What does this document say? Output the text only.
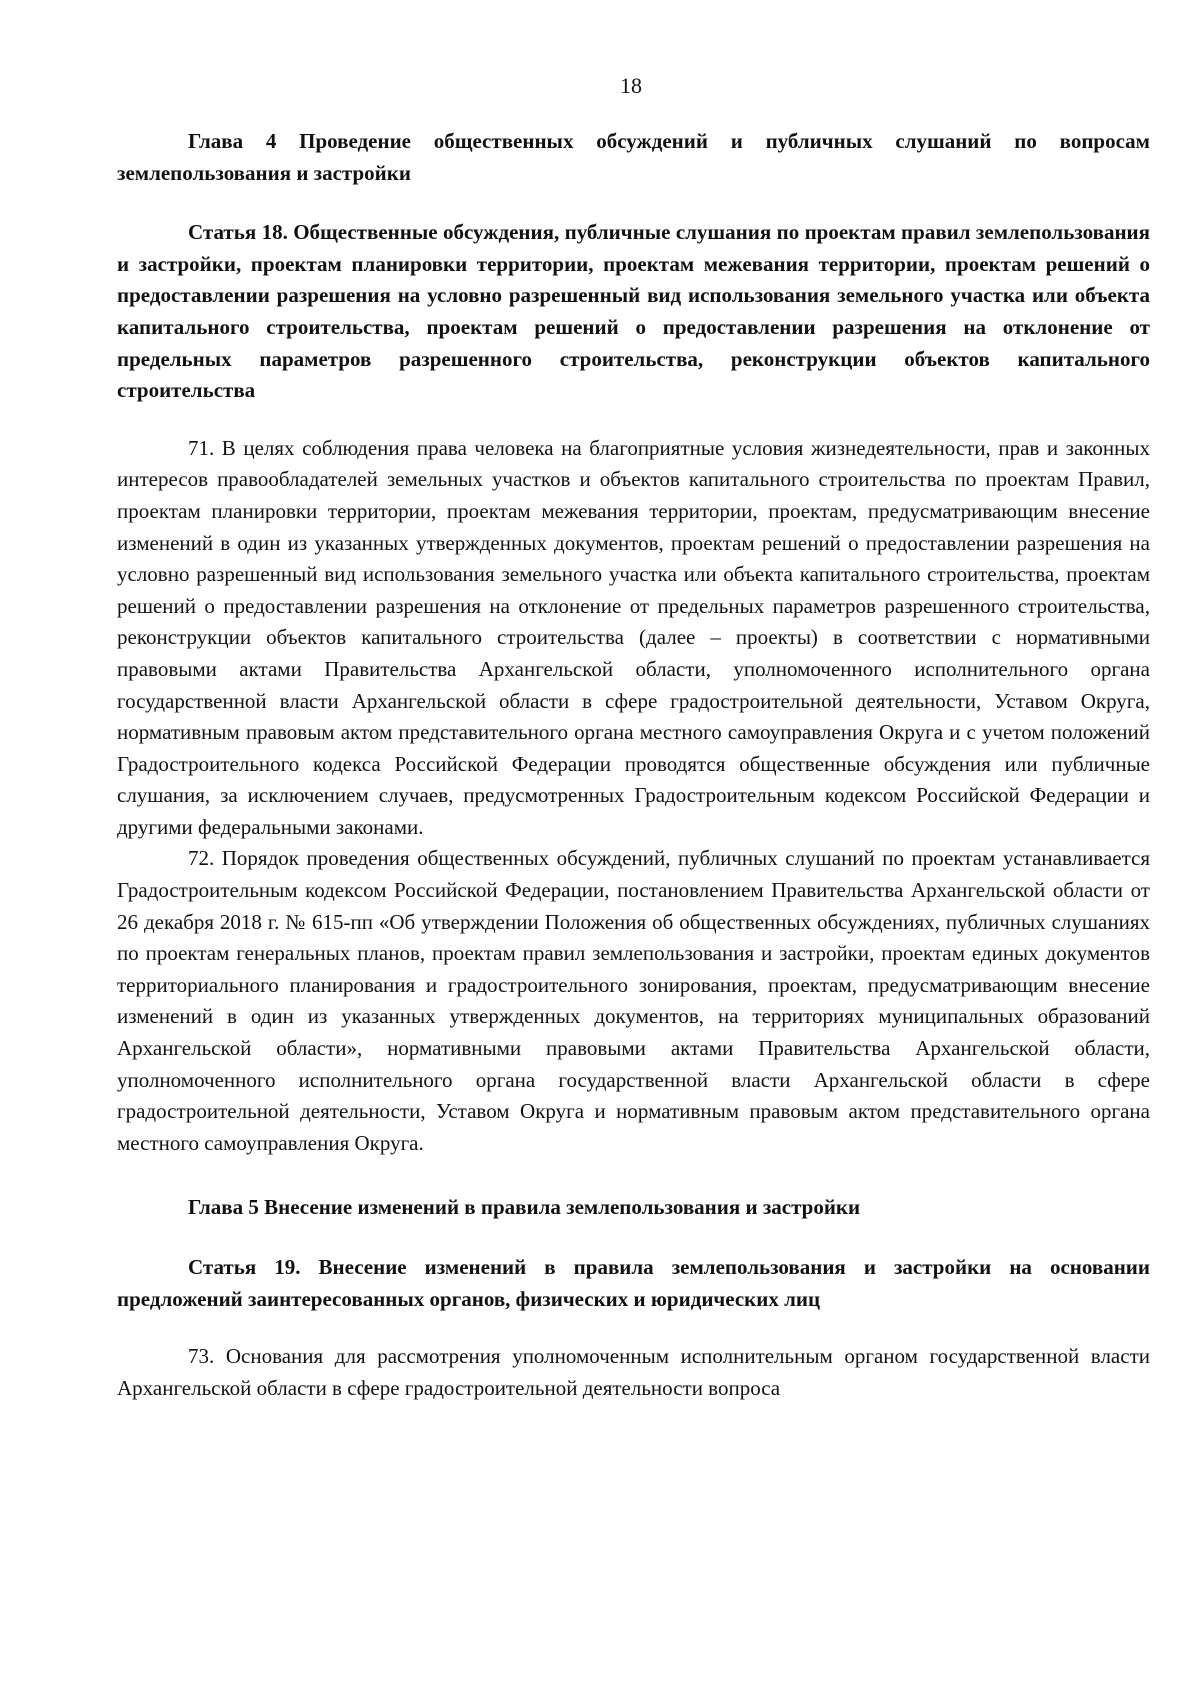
18

Глава 4 Проведение общественных обсуждений и публичных слушаний по вопросам землепользования и застройки

Статья 18. Общественные обсуждения, публичные слушания по проектам правил землепользования и застройки, проектам планировки территории, проектам межевания территории, проектам решений о предоставлении разрешения на условно разрешенный вид использования земельного участка или объекта капитального строительства, проектам решений о предоставлении разрешения на отклонение от предельных параметров разрешенного строительства, реконструкции объектов капитального строительства

71. В целях соблюдения права человека на благоприятные условия жизнедеятельности, прав и законных интересов правообладателей земельных участков и объектов капитального строительства по проектам Правил, проектам планировки территории, проектам межевания территории, проектам, предусматривающим внесение изменений в один из указанных утвержденных документов, проектам решений о предоставлении разрешения на условно разрешенный вид использования земельного участка или объекта капитального строительства, проектам решений о предоставлении разрешения на отклонение от предельных параметров разрешенного строительства, реконструкции объектов капитального строительства (далее – проекты) в соответствии с нормативными правовыми актами Правительства Архангельской области, уполномоченного исполнительного органа государственной власти Архангельской области в сфере градостроительной деятельности, Уставом Округа, нормативным правовым актом представительного органа местного самоуправления Округа и с учетом положений Градостроительного кодекса Российской Федерации проводятся общественные обсуждения или публичные слушания, за исключением случаев, предусмотренных Градостроительным кодексом Российской Федерации и другими федеральными законами.

72. Порядок проведения общественных обсуждений, публичных слушаний по проектам устанавливается Градостроительным кодексом Российской Федерации, постановлением Правительства Архангельской области от 26 декабря 2018 г. № 615-пп «Об утверждении Положения об общественных обсуждениях, публичных слушаниях по проектам генеральных планов, проектам правил землепользования и застройки, проектам единых документов территориального планирования и градостроительного зонирования, проектам, предусматривающим внесение изменений в один из указанных утвержденных документов, на территориях муниципальных образований Архангельской области», нормативными правовыми актами Правительства Архангельской области, уполномоченного исполнительного органа государственной власти Архангельской области в сфере градостроительной деятельности, Уставом Округа и нормативным правовым актом представительного органа местного самоуправления Округа.

Глава 5 Внесение изменений в правила землепользования и застройки

Статья 19. Внесение изменений в правила землепользования и застройки на основании предложений заинтересованных органов, физических и юридических лиц

73. Основания для рассмотрения уполномоченным исполнительным органом государственной власти Архангельской области в сфере градостроительной деятельности вопроса
